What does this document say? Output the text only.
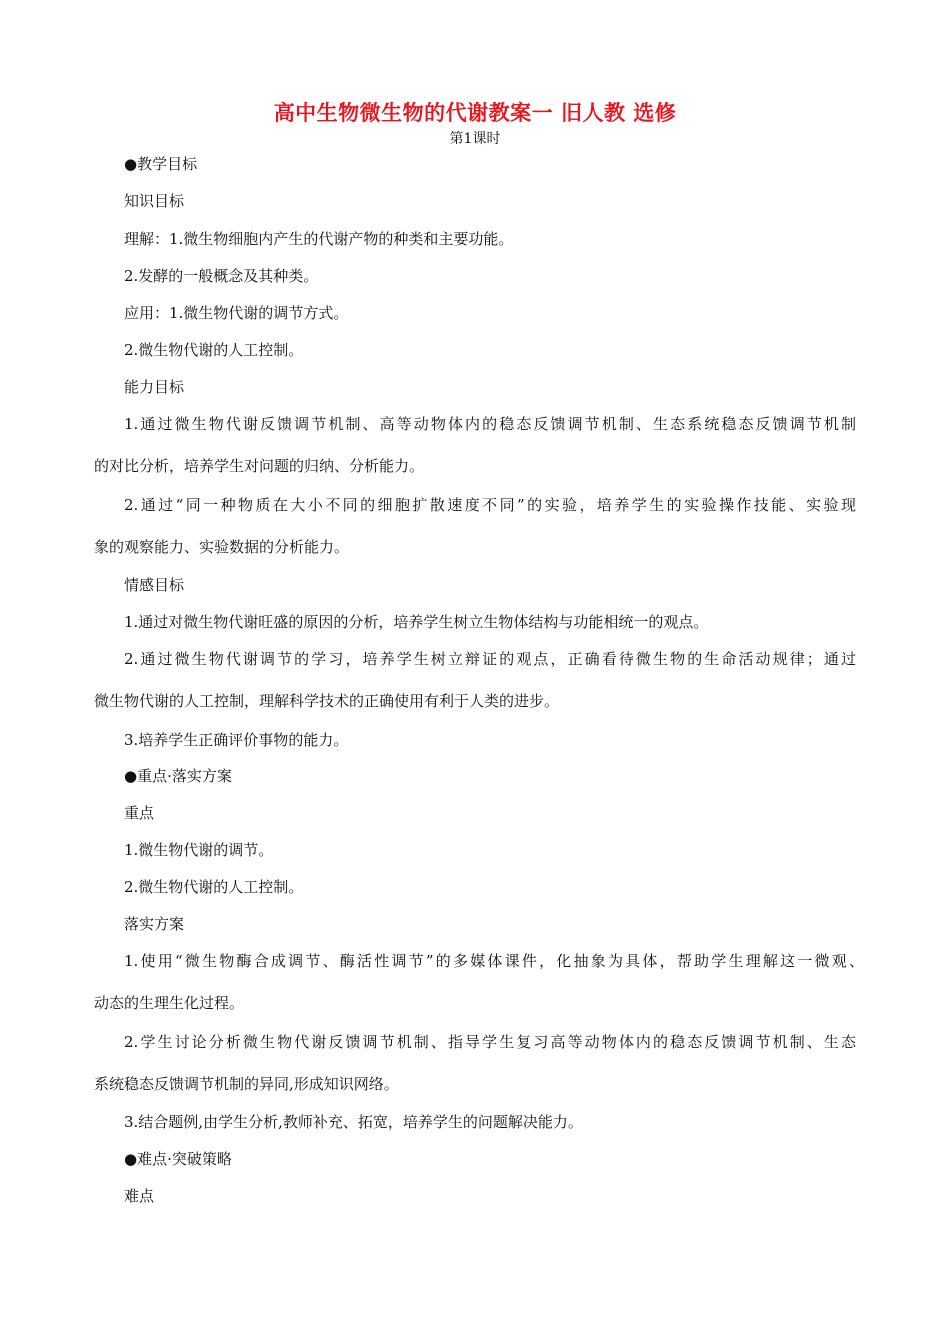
高中生物微生物的代谢教案一 旧人教 选修
第1课时
●教学目标
知识目标
理解：1.微生物细胞内产生的代谢产物的种类和主要功能。
2.发酵的一般概念及其种类。
应用：1.微生物代谢的调节方式。
2.微生物代谢的人工控制。
能力目标
1.通过微生物代谢反馈调节机制、高等动物体内的稳态反馈调节机制、生态系统稳态反馈调节机制
的对比分析，培养学生对问题的归纳、分析能力。
2.通过“同一种物质在大小不同的细胞扩散速度不同”的实验，培养学生的实验操作技能、实验现
象的观察能力、实验数据的分析能力。
情感目标
1.通过对微生物代谢旺盛的原因的分析，培养学生树立生物体结构与功能相统一的观点。
2.通过微生物代谢调节的学习，培养学生树立辩证的观点，正确看待微生物的生命活动规律；通过
微生物代谢的人工控制，理解科学技术的正确使用有利于人类的进步。
3.培养学生正确评价事物的能力。
●重点·落实方案
重点
1.微生物代谢的调节。
2.微生物代谢的人工控制。
落实方案
1.使用“微生物酶合成调节、酶活性调节”的多媒体课件，化抽象为具体，帮助学生理解这一微观、
动态的生理生化过程。
2.学生讨论分析微生物代谢反馈调节机制、指导学生复习高等动物体内的稳态反馈调节机制、生态
系统稳态反馈调节机制的异同,形成知识网络。
3.结合题例,由学生分析,教师补充、拓宽，培养学生的问题解决能力。
●难点·突破策略
难点
